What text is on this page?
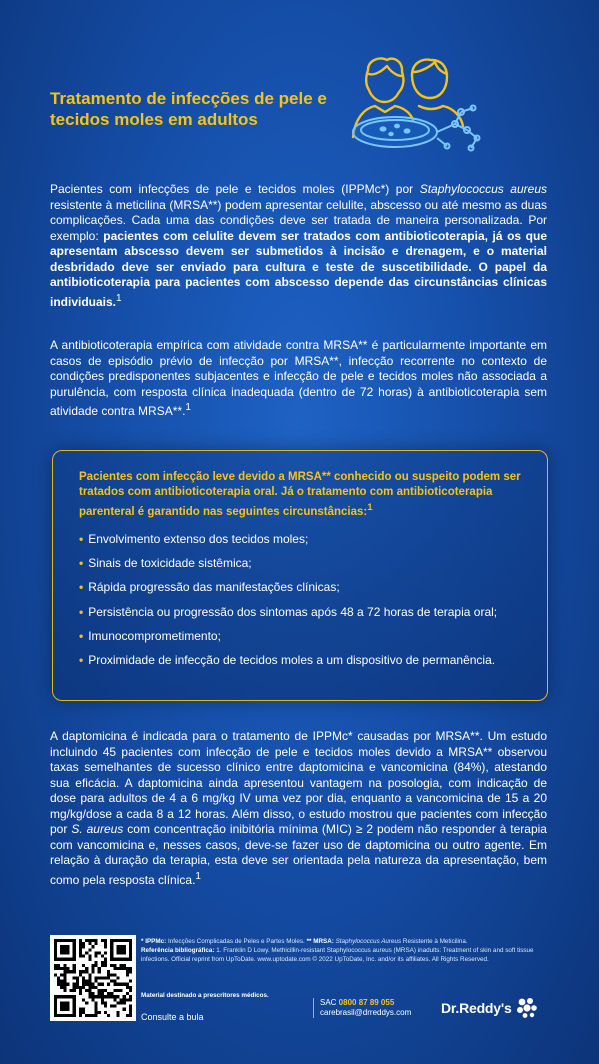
Tratamento de infecções de pele e tecidos moles em adultos

Pacientes com infecções de pele e tecidos moles (IPPMc*) por Staphylococcus aureus resistente à meticilina (MRSA**) podem apresentar celulite, abscesso ou até mesmo as duas complicações. Cada uma das condições deve ser tratada de maneira personalizada. Por exemplo: pacientes com celulite devem ser tratados com antibioticoterapia, já os que apresentam abscesso devem ser submetidos à incisão e drenagem, e o material desbridado deve ser enviado para cultura e teste de suscetibilidade. O papel da antibioticoterapia para pacientes com abscesso depende das circunstâncias clínicas individuais.$^1$

A antibioticoterapia empírica com atividade contra MRSA** é particularmente importante em casos de episódio prévio de infecção por MRSA**, infecção recorrente no contexto de condições predisponentes subjacentes e infecção de pele e tecidos moles não associada a purulência, com resposta clínica inadequada (dentro de 72 horas) à antibioticoterapia sem atividade contra MRSA**.$^1$

Pacientes com infecção leve devido a MRSA** conhecido ou suspeito podem ser tratados com antibioticoterapia oral. Já o tratamento com antibioticoterapia parenteral é garantido nas seguintes circunstâncias:$^1$

• Envolvimento extenso dos tecidos moles;
• Sinais de toxicidade sistêmica;
• Rápida progressão das manifestações clínicas;
• Persistência ou progressão dos sintomas após 48 a 72 horas de terapia oral;
• Imunocomprometimento;
• Proximidade de infecção de tecidos moles a um dispositivo de permanência.

A daptomicina é indicada para o tratamento de IPPMc* causadas por MRSA**. Um estudo incluindo 45 pacientes com infecção de pele e tecidos moles devido a MRSA** observou taxas semelhantes de sucesso clínico entre daptomicina e vancomicina (84%), atestando sua eficácia. A daptomicina ainda apresentou vantagem na posologia, com indicação de dose para adultos de 4 a 6 mg/kg IV uma vez por dia, enquanto a vancomicina de 15 a 20 mg/kg/dose a cada 8 a 12 horas. Além disso, o estudo mostrou que pacientes com infecção por S. aureus com concentração inibitória mínima (MIC) ≥ 2 podem não responder à terapia com vancomicina e, nesses casos, deve-se fazer uso de daptomicina ou outro agente. Em relação à duração da terapia, esta deve ser orientada pela natureza da apresentação, bem como pela resposta clínica.$^1$

Consulte a bula

* IPPMc: Infecções Complicadas de Peles e Partes Moles. ** MRSA: Staphylococcus Aureus Resistente à Meticilina.

Referência bibliográfica: 1. Franklin D Lowy. Methicillin-resistant Staphylococcus aureus (MRSA) inadults: Treatment of skin and soft tissue infections. Official reprint from UpToDate. www.uptodate.com © 2022 UpToDate, Inc. and/or its affiliates. All Rights Reserved.

Material destinado a prescritores médicos.

SAC 0800 87 89 055
carebrasil@drreddys.com Dr.Reddy's
